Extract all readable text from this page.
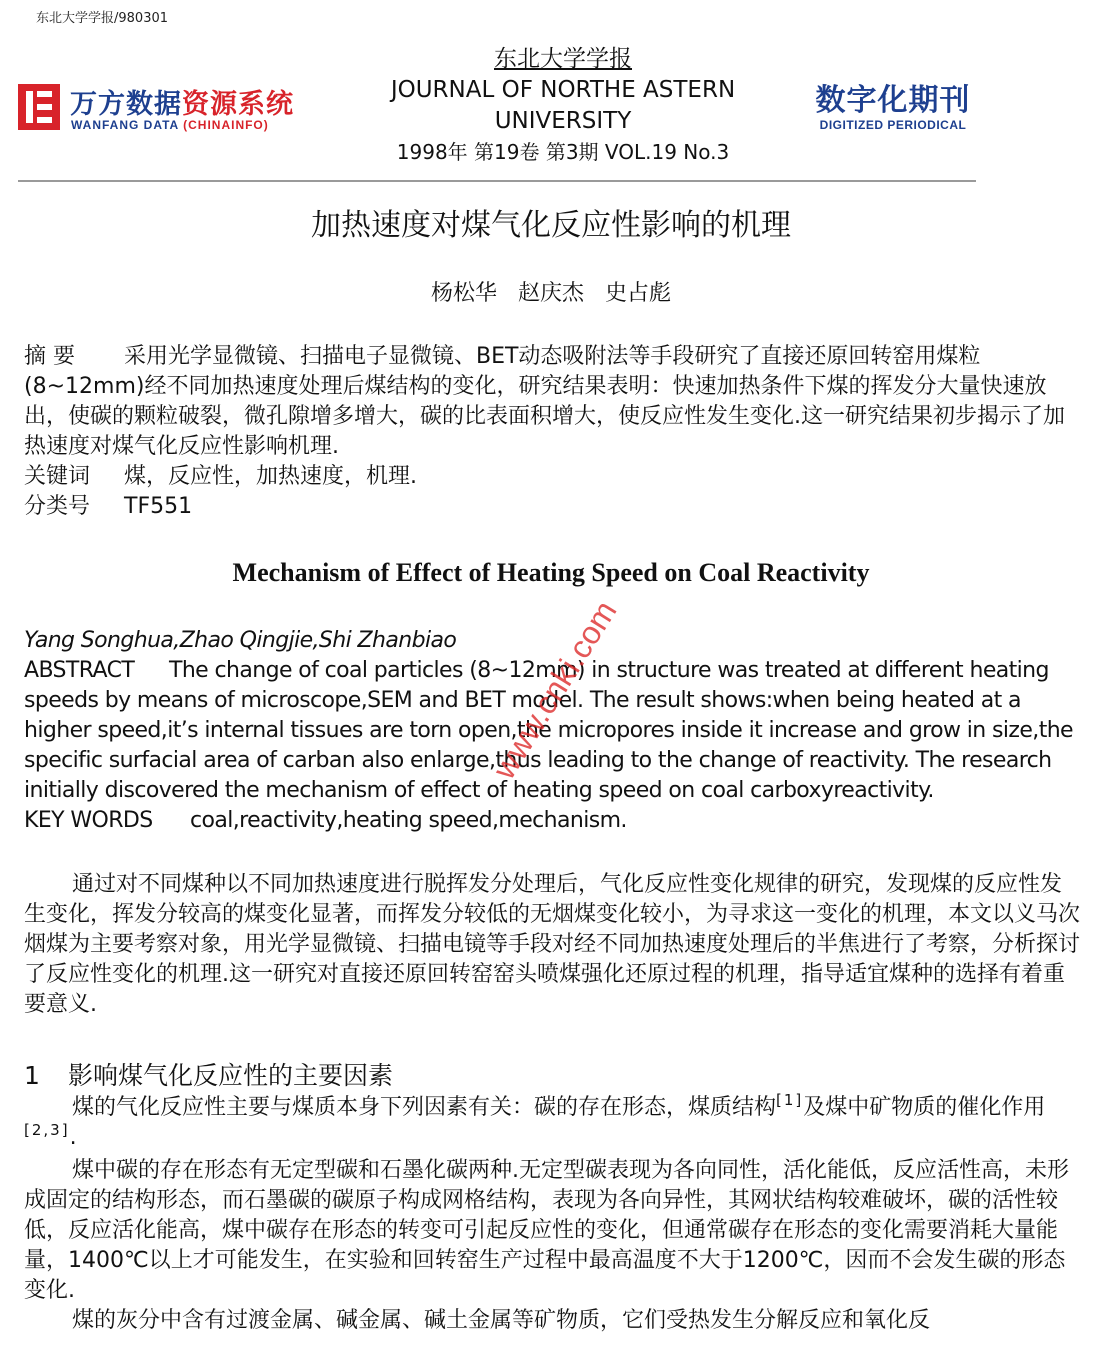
东北大学学报/980301
万方数据资源系统
WANFANG DATA (CHINAINFO)
东北大学学报
JOURNAL OF NORTHE ASTERN
UNIVERSITY
1998年 第19卷 第3期 VOL.19 No.3
数字化期刊
DIGITIZED PERIODICAL
加热速度对煤气化反应性影响的机理
杨松华 赵庆杰 史占彪
摘 要 采用光学显微镜、扫描电子显微镜、BET动态吸附法等手段研究了直接还原回转窑用煤粒(8~12mm)经不同加热速度处理后煤结构的变化，研究结果表明：快速加热条件下煤的挥发分大量快速放出，使碳的颗粒破裂，微孔隙增多增大，碳的比表面积增大，使反应性发生变化.这一研究结果初步揭示了加热速度对煤气化反应性影响机理.
关键词 煤，反应性，加热速度，机理.
分类号 TF551
Mechanism of Effect of Heating Speed on Coal Reactivity
Yang Songhua,Zhao Qingjie,Shi Zhanbiao
ABSTRACT The change of coal particles (8~12mm) in structure was treated at different heating speeds by means of microscope,SEM and BET model. The result shows:when being heated at a higher speed,it’s internal tissues are torn open,the micropores inside it increase and grow in size,the specific surfacial area of carban also enlarge,thus leading to the change of reactivity. The research initially discovered the mechanism of effect of heating speed on coal carboxyreactivity.
KEY WORDS coal,reactivity,heating speed,mechanism.
通过对不同煤种以不同加热速度进行脱挥发分处理后，气化反应性变化规律的研究，发现煤的反应性发生变化，挥发分较高的煤变化显著，而挥发分较低的无烟煤变化较小，为寻求这一变化的机理，本文以义马次烟煤为主要考察对象，用光学显微镜、扫描电镜等手段对经不同加热速度处理后的半焦进行了考察，分析探讨了反应性变化的机理.这一研究对直接还原回转窑窑头喷煤强化还原过程的机理，指导适宜煤种的选择有着重要意义.
1 影响煤气化反应性的主要因素

煤的气化反应性主要与煤质本身下列因素有关：碳的存在形态，煤质结构[1]及煤中矿物质的催化作用[2,3].

煤中碳的存在形态有无定型碳和石墨化碳两种.无定型碳表现为各向同性，活化能低，反应活性高，未形成固定的结构形态，而石墨碳的碳原子构成网格结构，表现为各向异性，其网状结构较难破坏，碳的活性较低，反应活化能高，煤中碳存在形态的转变可引起反应性的变化，但通常碳存在形态的变化需要消耗大量能量，1400℃以上才可能发生，在实验和回转窑生产过程中最高温度不大于1200℃，因而不会发生碳的形态变化.

煤的灰分中含有过渡金属、碱金属、碱土金属等矿物质，它们受热发生分解反应和氧化反

www.cnki.com
